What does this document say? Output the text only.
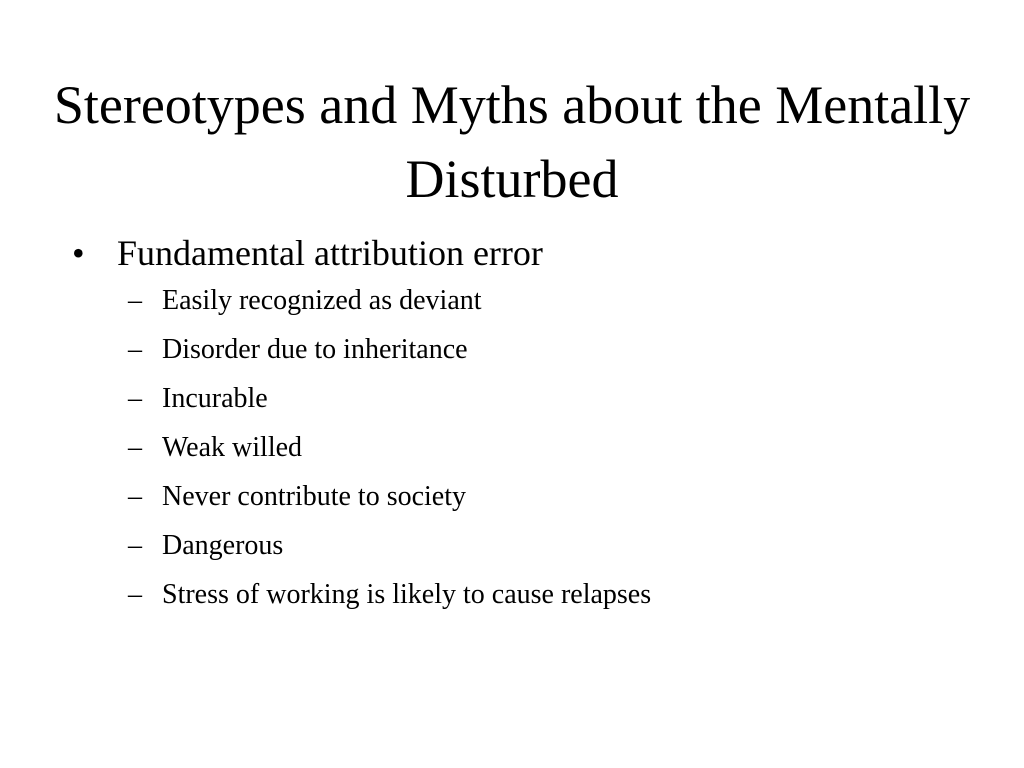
Stereotypes and Myths about the Mentally Disturbed
• Fundamental attribution error
– Easily recognized as deviant
– Disorder due to inheritance
– Incurable
– Weak willed
– Never contribute to society
– Dangerous
– Stress of working is likely to cause relapses
